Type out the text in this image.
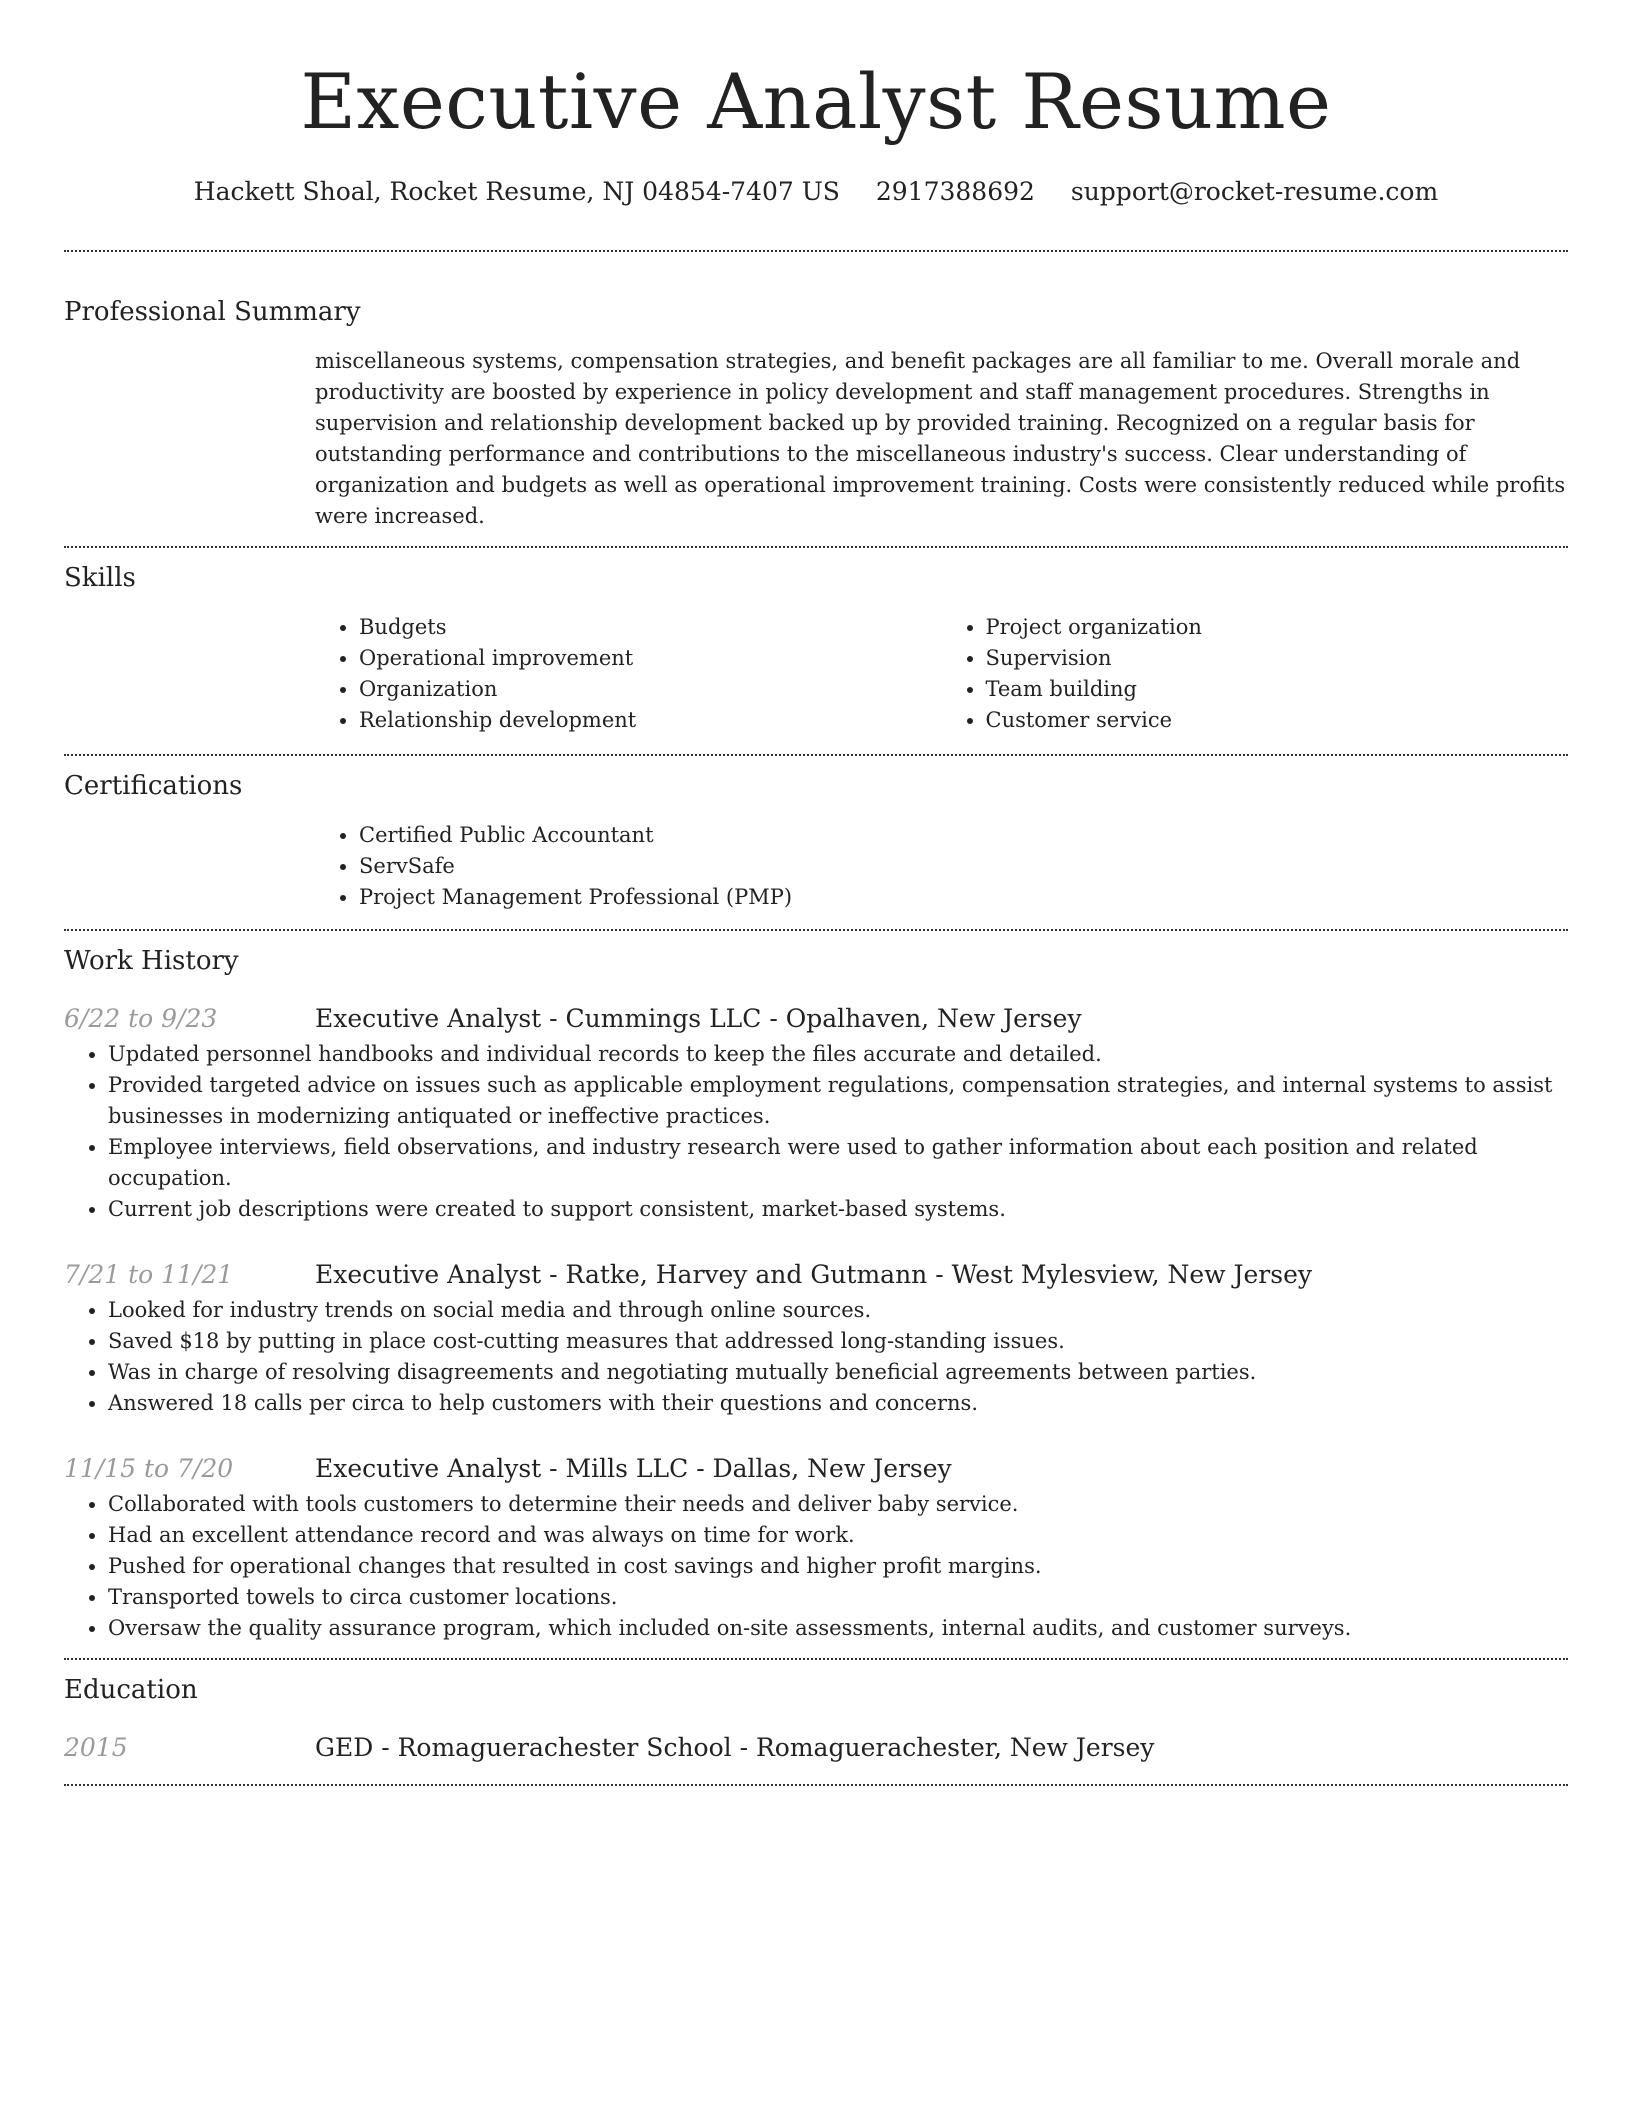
Executive Analyst Resume
Hackett Shoal, Rocket Resume, NJ 04854-7407 US 2917388692 support@rocket-resume.com
Professional Summary

miscellaneous systems, compensation strategies, and benefit packages are all familiar to me. Overall morale and productivity are boosted by experience in policy development and staff management procedures. Strengths in supervision and relationship development backed up by provided training. Recognized on a regular basis for outstanding performance and contributions to the miscellaneous industry's success. Clear understanding of organization and budgets as well as operational improvement training. Costs were consistently reduced while profits were increased.

Skills
• Budgets
• Operational improvement
• Organization
• Relationship development
• Project organization
• Supervision
• Team building
• Customer service
Certifications
• Certified Public Accountant
• ServSafe
• Project Management Professional (PMP)
Work History
6/22 to 9/23	Executive Analyst - Cummings LLC - Opalhaven, New Jersey
• Updated personnel handbooks and individual records to keep the files accurate and detailed.
• Provided targeted advice on issues such as applicable employment regulations, compensation strategies, and internal systems to assist businesses in modernizing antiquated or ineffective practices.
• Employee interviews, field observations, and industry research were used to gather information about each position and related occupation.
• Current job descriptions were created to support consistent, market-based systems.
7/21 to 11/21	Executive Analyst - Ratke, Harvey and Gutmann - West Mylesview, New Jersey
• Looked for industry trends on social media and through online sources.
• Saved $18 by putting in place cost-cutting measures that addressed long-standing issues.
• Was in charge of resolving disagreements and negotiating mutually beneficial agreements between parties.
• Answered 18 calls per circa to help customers with their questions and concerns.
11/15 to 7/20	Executive Analyst - Mills LLC - Dallas, New Jersey
• Collaborated with tools customers to determine their needs and deliver baby service.
• Had an excellent attendance record and was always on time for work.
• Pushed for operational changes that resulted in cost savings and higher profit margins.
• Transported towels to circa customer locations.
• Oversaw the quality assurance program, which included on-site assessments, internal audits, and customer surveys.
Education
2015	GED - Romaguerachester School - Romaguerachester, New Jersey
